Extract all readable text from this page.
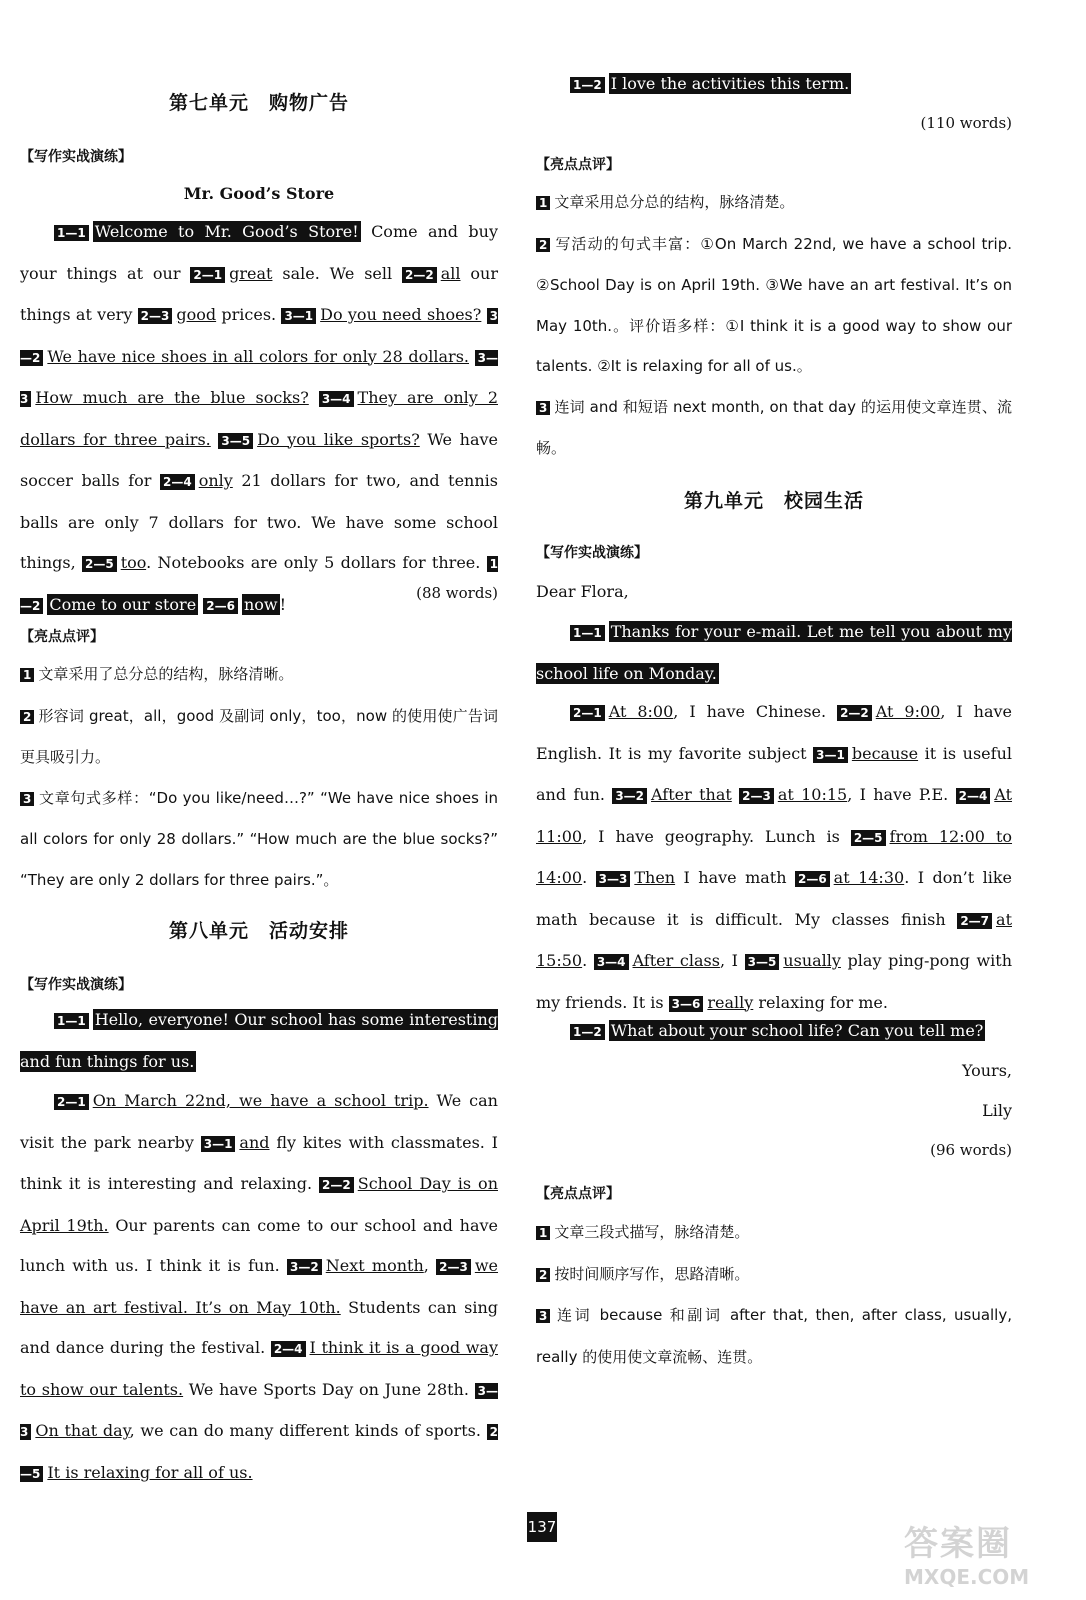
第七单元　购物广告
【写作实战演练】
Mr. Good’s Store
1—1 Welcome to Mr. Good’s Store! Come and buy your things at our 2—1 great sale. We sell 2—2 all our things at very 2—3 good prices. 3—1 Do you need shoes? 3—2 We have nice shoes in all colors for only 28 dollars. 3—3 How much are the blue socks? 3—4 They are only 2 dollars for three pairs. 3—5 Do you like sports? We have soccer balls for 2—4 only 21 dollars for two, and tennis balls are only 7 dollars for two. We have some school things, 2—5 too. Notebooks are only 5 dollars for three. 1—2 Come to our store 2—6 now !
(88 words)
【亮点点评】
1 文章采用了总分总的结构，脉络清晰。
2 形容词 great，all，good 及副词 only，too，now 的使用使广告词更具吸引力。
3 文章句式多样：“Do you like/need…?” “We have nice shoes in all colors for only 28 dollars.” “How much are the blue socks?” “They are only 2 dollars for three pairs.”。
第八单元　活动安排
【写作实战演练】
1—1 Hello, everyone! Our school has some interesting and fun things for us.
2—1 On March 22nd, we have a school trip. We can visit the park nearby 3—1 and fly kites with classmates. I think it is interesting and relaxing. 2—2 School Day is on April 19th. Our parents can come to our school and have lunch with us. I think it is fun. 3—2 Next month, 2—3 we have an art festival. It’s on May 10th. Students can sing and dance during the festival. 2—4 I think it is a good way to show our talents. We have Sports Day on June 28th. 3—3 On that day, we can do many different kinds of sports. 2—5 It is relaxing for all of us.
1—2 I love the activities this term.
(110 words)
【亮点点评】
1 文章采用总分总的结构，脉络清楚。
2 写活动的句式丰富：①On March 22nd, we have a school trip. ②School Day is on April 19th. ③We have an art festival. It’s on May 10th.。评价语多样：①I think it is a good way to show our talents. ②It is relaxing for all of us.。
3 连词 and 和短语 next month, on that day 的运用使文章连贯、流畅。
第九单元　校园生活
【写作实战演练】
Dear Flora,
1—1 Thanks for your e-mail. Let me tell you about my school life on Monday.
2—1 At 8:00, I have Chinese. 2—2 At 9:00, I have English. It is my favorite subject 3—1 because it is useful and fun. 3—2 After that 2—3 at 10:15, I have P.E. 2—4 At 11:00, I have geography. Lunch is 2—5 from 12:00 to 14:00. 3—3 Then I have math 2—6 at 14:30. I don’t like math because it is difficult. My classes finish 2—7 at 15:50. 3—4 After class, I 3—5 usually play ping-pong with my friends. It is 3—6 really relaxing for me.
1—2 What about your school life? Can you tell me?
Yours,
Lily
(96 words)
【亮点点评】
1 文章三段式描写，脉络清楚。
2 按时间顺序写作，思路清晰。
3 连词 because 和副词 after that, then, after class, usually, really 的使用使文章流畅、连贯。
137	答案圈
MXQE.COM
